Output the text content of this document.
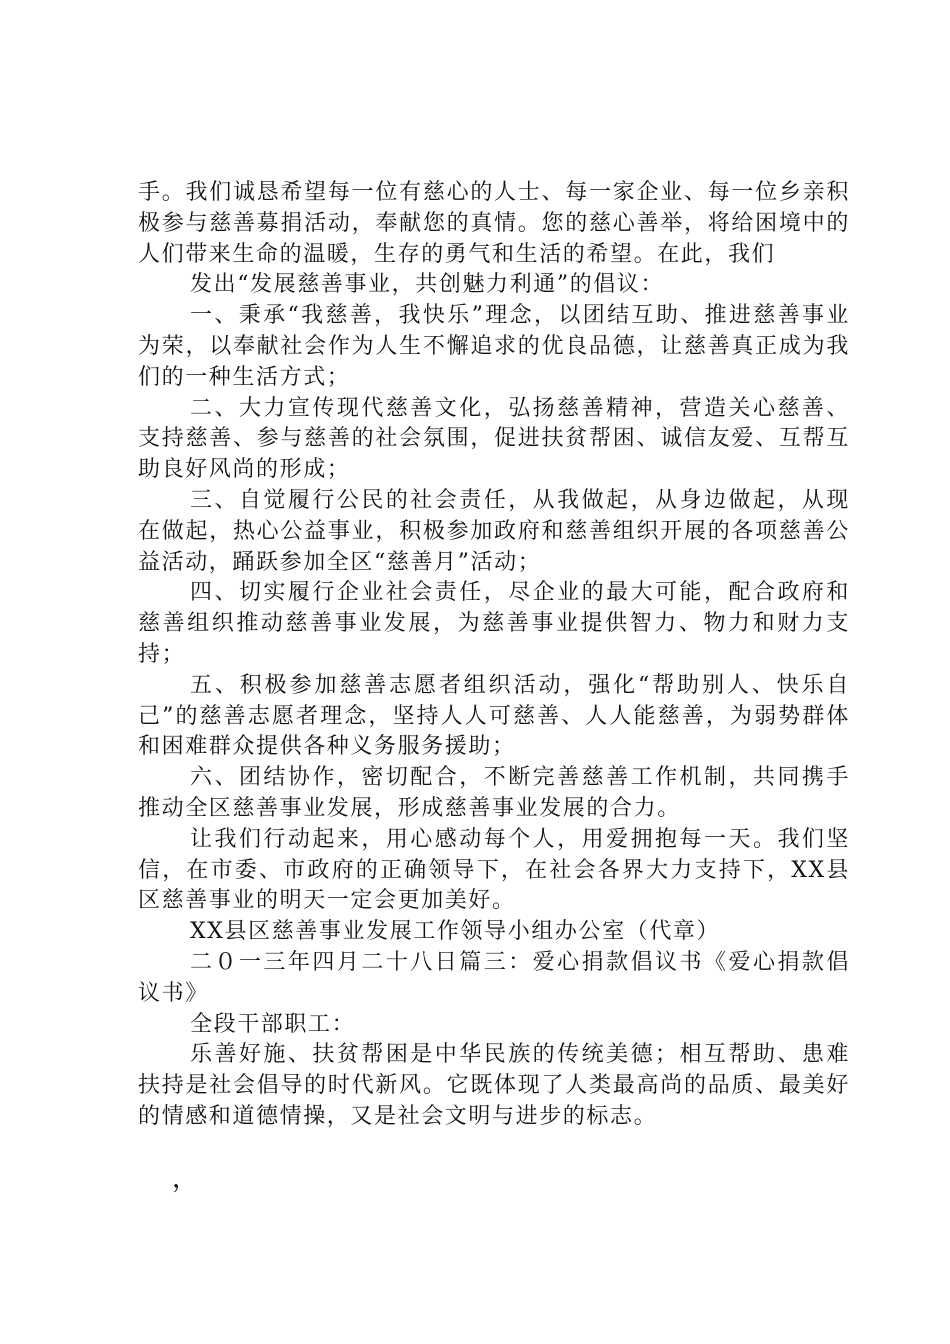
手。我们诚恳希望每一位有慈心的人士、每一家企业、每一位乡亲积极参与慈善募捐活动，奉献您的真情。您的慈心善举，将给困境中的人们带来生命的温暖，生存的勇气和生活的希望。在此，我们

发出“发展慈善事业，共创魅力利通”的倡议：

一、秉承“我慈善，我快乐”理念，以团结互助、推进慈善事业为荣，以奉献社会作为人生不懈追求的优良品德，让慈善真正成为我们的一种生活方式；

二、大力宣传现代慈善文化，弘扬慈善精神，营造关心慈善、支持慈善、参与慈善的社会氛围，促进扶贫帮困、诚信友爱、互帮互助良好风尚的形成；

三、自觉履行公民的社会责任，从我做起，从身边做起，从现在做起，热心公益事业，积极参加政府和慈善组织开展的各项慈善公益活动，踊跃参加全区“慈善月”活动；

四、切实履行企业社会责任，尽企业的最大可能，配合政府和慈善组织推动慈善事业发展，为慈善事业提供智力、物力和财力支持；

五、积极参加慈善志愿者组织活动，强化“帮助别人、快乐自己”的慈善志愿者理念，坚持人人可慈善、人人能慈善，为弱势群体和困难群众提供各种义务服务援助；

六、团结协作，密切配合，不断完善慈善工作机制，共同携手推动全区慈善事业发展，形成慈善事业发展的合力。

让我们行动起来，用心感动每个人，用爱拥抱每一天。我们坚信，在市委、市政府的正确领导下，在社会各界大力支持下，XX县区慈善事业的明天一定会更加美好。

XX县区慈善事业发展工作领导小组办公室（代章）

二０一三年四月二十八日篇三：爱心捐款倡议书《爱心捐款倡议书》

全段干部职工：

乐善好施、扶贫帮困是中华民族的传统美德；相互帮助、患难扶持是社会倡导的时代新风。它既体现了人类最高尚的品质、最美好的情感和道德情操，又是社会文明与进步的标志。

，
